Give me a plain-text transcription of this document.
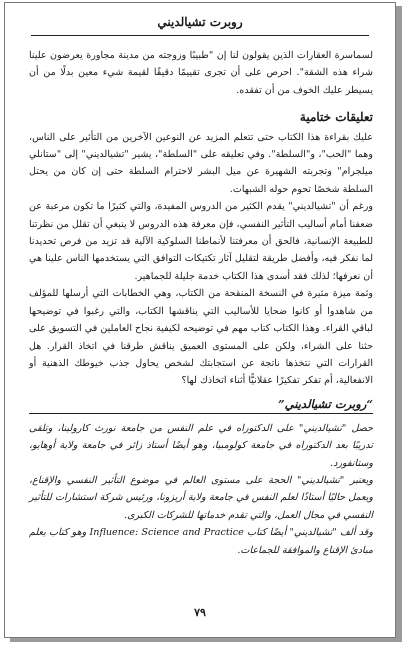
روبرت تشيالديني

لسماسرة العقارات الذين يقولون لنا إن "طبيبًا وزوجته من مدينة مجاورة يعرضون علينا شراء هذه الشقة". احرص على أن تجرى تقييمًا دقيقًا لقيمة شيء معين بدلًا من أن يسيطر عليك الخوف من أن تفقده.

تعليقات ختامية

عليك بقراءة هذا الكتاب حتى تتعلم المزيد عن النوعين الآخرين من التأثير على الناس، وهما "الحب"، و"السلطة". وفي تعليقه على "السلطة"، يشير "تشيالديني" إلى "ستانلي ميلجرام" وتجربته الشهيرة عن ميل البشر لاحترام السلطة حتى إن كان من يحتل السلطة شخصًا تحوم حوله الشبهات.

ورغم أن "تشيالديني" يقدم الكثير من الدروس المفيدة، والتي كثيرًا ما تكون مرعبة عن ضعفنا أمام أساليب التأثير النفسي، فإن معرفة هذه الدروس لا ينبغي أن تقلل من نظرتنا للطبيعة الإنسانية، فالحق أن معرفتنا لأنماطنا السلوكية الآلية قد تزيد من فرص تحديدنا لما نفكر فيه، وأفضل طريقة لتقليل آثار تكتيكات التوافق التي يستخدمها الناس علينا هي أن نعرفها؛ لذلك فقد أسدى هذا الكتاب خدمة جليلة للجماهير.

وثمة ميزة مثيرة في النسخة المنقحة من الكتاب، وهي الخطابات التي أرسلها للمؤلف من شاهدوا أو كانوا ضحايا للأساليب التي يناقشها الكتاب، والتي رغبوا في توضيحها لباقي القراء. وهذا الكتاب كتاب مهم في توضيحه لكيفية نجاح العاملين في التسويق على حثنا على الشراء، ولكن على المستوى العميق يناقش طرقنا في اتخاذ القرار. هل القرارات التي نتخذها ناتجة عن استجابتك لشخص يحاول جذب خيوطك الذهنية أو الانفعالية، أم تفكر تفكيرًا عقلانيًّا أثناء اتخاذك لها؟

“ روبرت تشيالديني ”

حصل "تشيالديني" على الدكتوراه في علم النفس من جامعة نورث كارولينا، وتلقى تدريبًا بعد الدكتوراه في جامعة كولومبيا، وهو أيضًا أستاذ زائر في جامعة ولاية أوهايو، وستانفورد.

ويعتبر "تشيالديني" الحجة على مستوى العالم في موضوع التأثير النفسي والإقناع، ويعمل حاليًا أستاذًا لعلم النفس في جامعة ولاية أريزونا، ورئيس شركة استشارات للتأثير النفسي في مجال العمل، والتي تقدم خدماتها للشركات الكبرى.

وقد ألف "تشيالديني" أيضًا كتاب Influence: Science and Practice وهو كتاب يعلم مبادئ الإقناع والموافقة للجماعات.

٧٩
